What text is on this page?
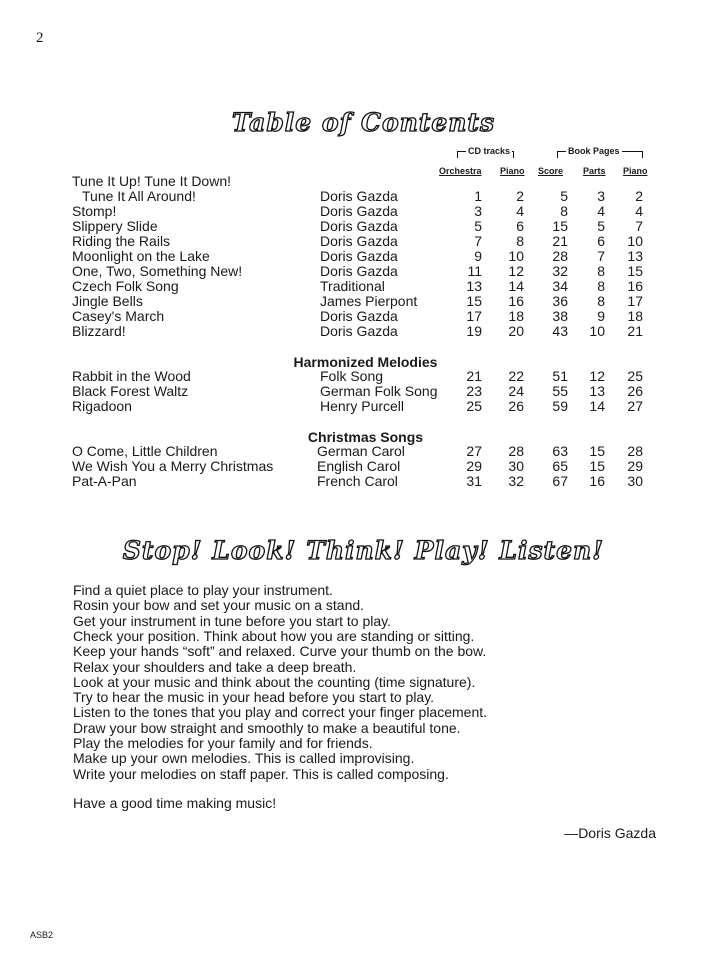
2
Table of Contents
CD tracks	Book Pages
Orchestra Piano Score Parts Piano
Tune It Up! Tune It Down!
Tune It All Around!	Doris Gazda	1	2	5	3	2
Stomp!	Doris Gazda	3	4	8	4	4
Slippery Slide	Doris Gazda	5	6	15	5	7
Riding the Rails	Doris Gazda	7	8	21	6	10
Moonlight on the Lake	Doris Gazda	9	10	28	7	13
One, Two, Something New!	Doris Gazda	11	12	32	8	15
Czech Folk Song	Traditional	13	14	34	8	16
Jingle Bells	James Pierpont	15	16	36	8	17
Casey's March	Doris Gazda	17	18	38	9	18
Blizzard!	Doris Gazda	19	20	43	10	21
Harmonized Melodies
Rabbit in the Wood	Folk Song	21	22	51	12	25
Black Forest Waltz	German Folk Song	23	24	55	13	26
Rigadoon	Henry Purcell	25	26	59	14	27
Christmas Songs
O Come, Little Children	German Carol	27	28	63	15	28
We Wish You a Merry Christmas	English Carol	29	30	65	15	29
Pat-A-Pan	French Carol	31	32	67	16	30
Stop! Look! Think! Play! Listen!
Find a quiet place to play your instrument.
Rosin your bow and set your music on a stand.
Get your instrument in tune before you start to play.
Check your position. Think about how you are standing or sitting.
Keep your hands “soft” and relaxed. Curve your thumb on the bow.
Relax your shoulders and take a deep breath.
Look at your music and think about the counting (time signature).
Try to hear the music in your head before you start to play.
Listen to the tones that you play and correct your finger placement.
Draw your bow straight and smoothly to make a beautiful tone.
Play the melodies for your family and for friends.
Make up your own melodies. This is called improvising.
Write your melodies on staff paper. This is called composing.
Have a good time making music!
—Doris Gazda
ASB2
